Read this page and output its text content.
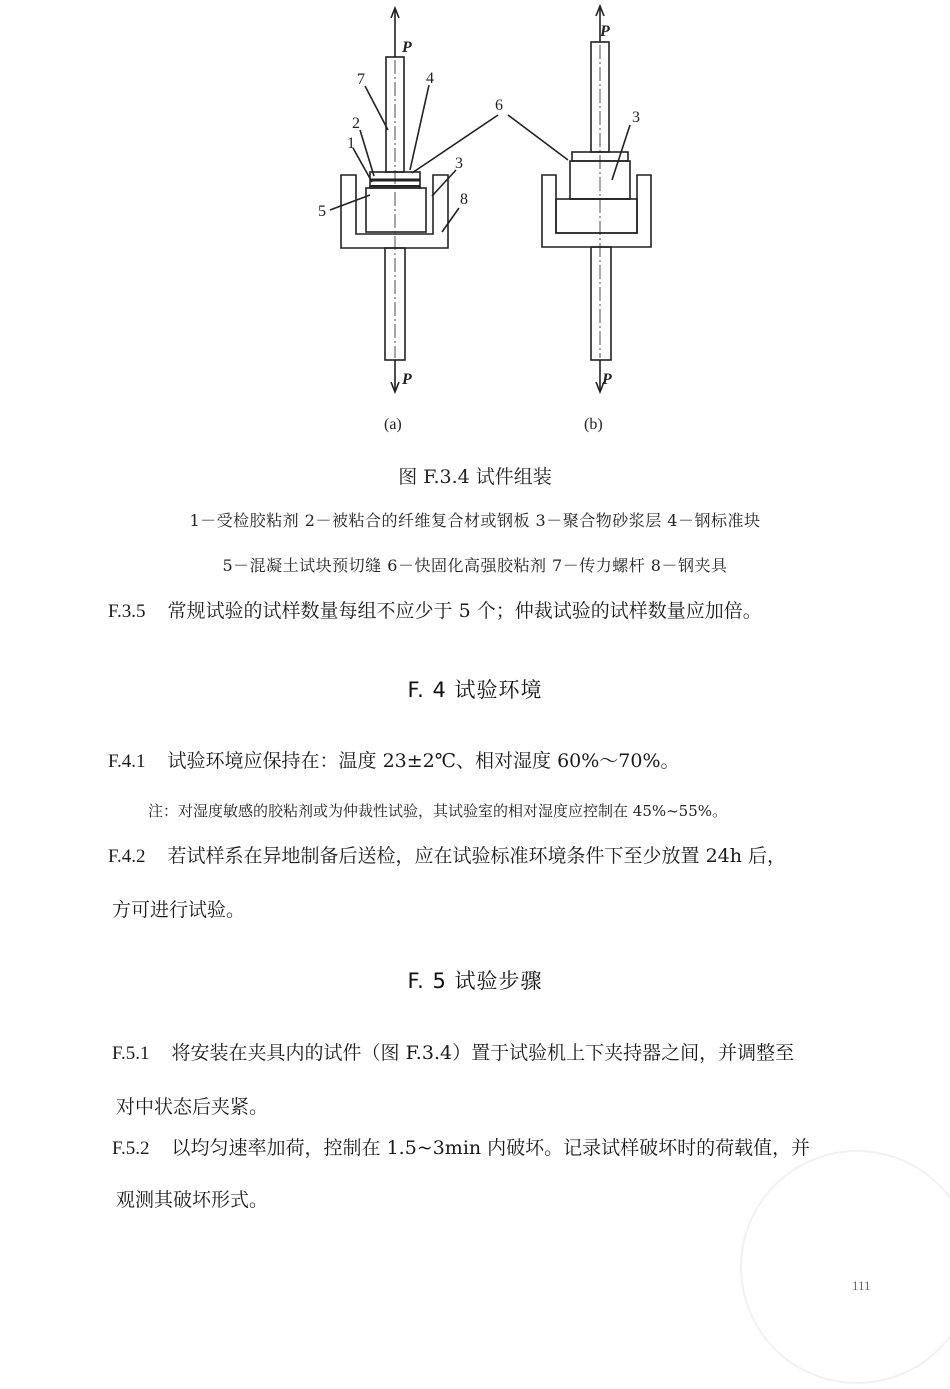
P
P
7	4
2
1
5
3
8
6
(a)
P
P
3
(b)
图 F.3.4 试件组装
1－受检胶粘剂 2－被粘合的纤维复合材或钢板 3－聚合物砂浆层 4－钢标准块
5－混凝土试块预切缝 6－快固化高强胶粘剂 7－传力螺杆 8－钢夹具
F.3.5 常规试验的试样数量每组不应少于 5 个；仲裁试验的试样数量应加倍。
F. 4 试验环境
F.4.1 试验环境应保持在：温度 23±2℃、相对湿度 60%～70%。
注：对湿度敏感的胶粘剂或为仲裁性试验，其试验室的相对湿度应控制在 45%~55%。
F.4.2 若试样系在异地制备后送检，应在试验标准环境条件下至少放置 24h 后，
方可进行试验。
F. 5 试验步骤
F.5.1 将安装在夹具内的试件（图 F.3.4）置于试验机上下夹持器之间，并调整至
对中状态后夹紧。
F.5.2 以均匀速率加荷，控制在 1.5~3min 内破坏。记录试样破坏时的荷载值，并
观测其破坏形式。
111
